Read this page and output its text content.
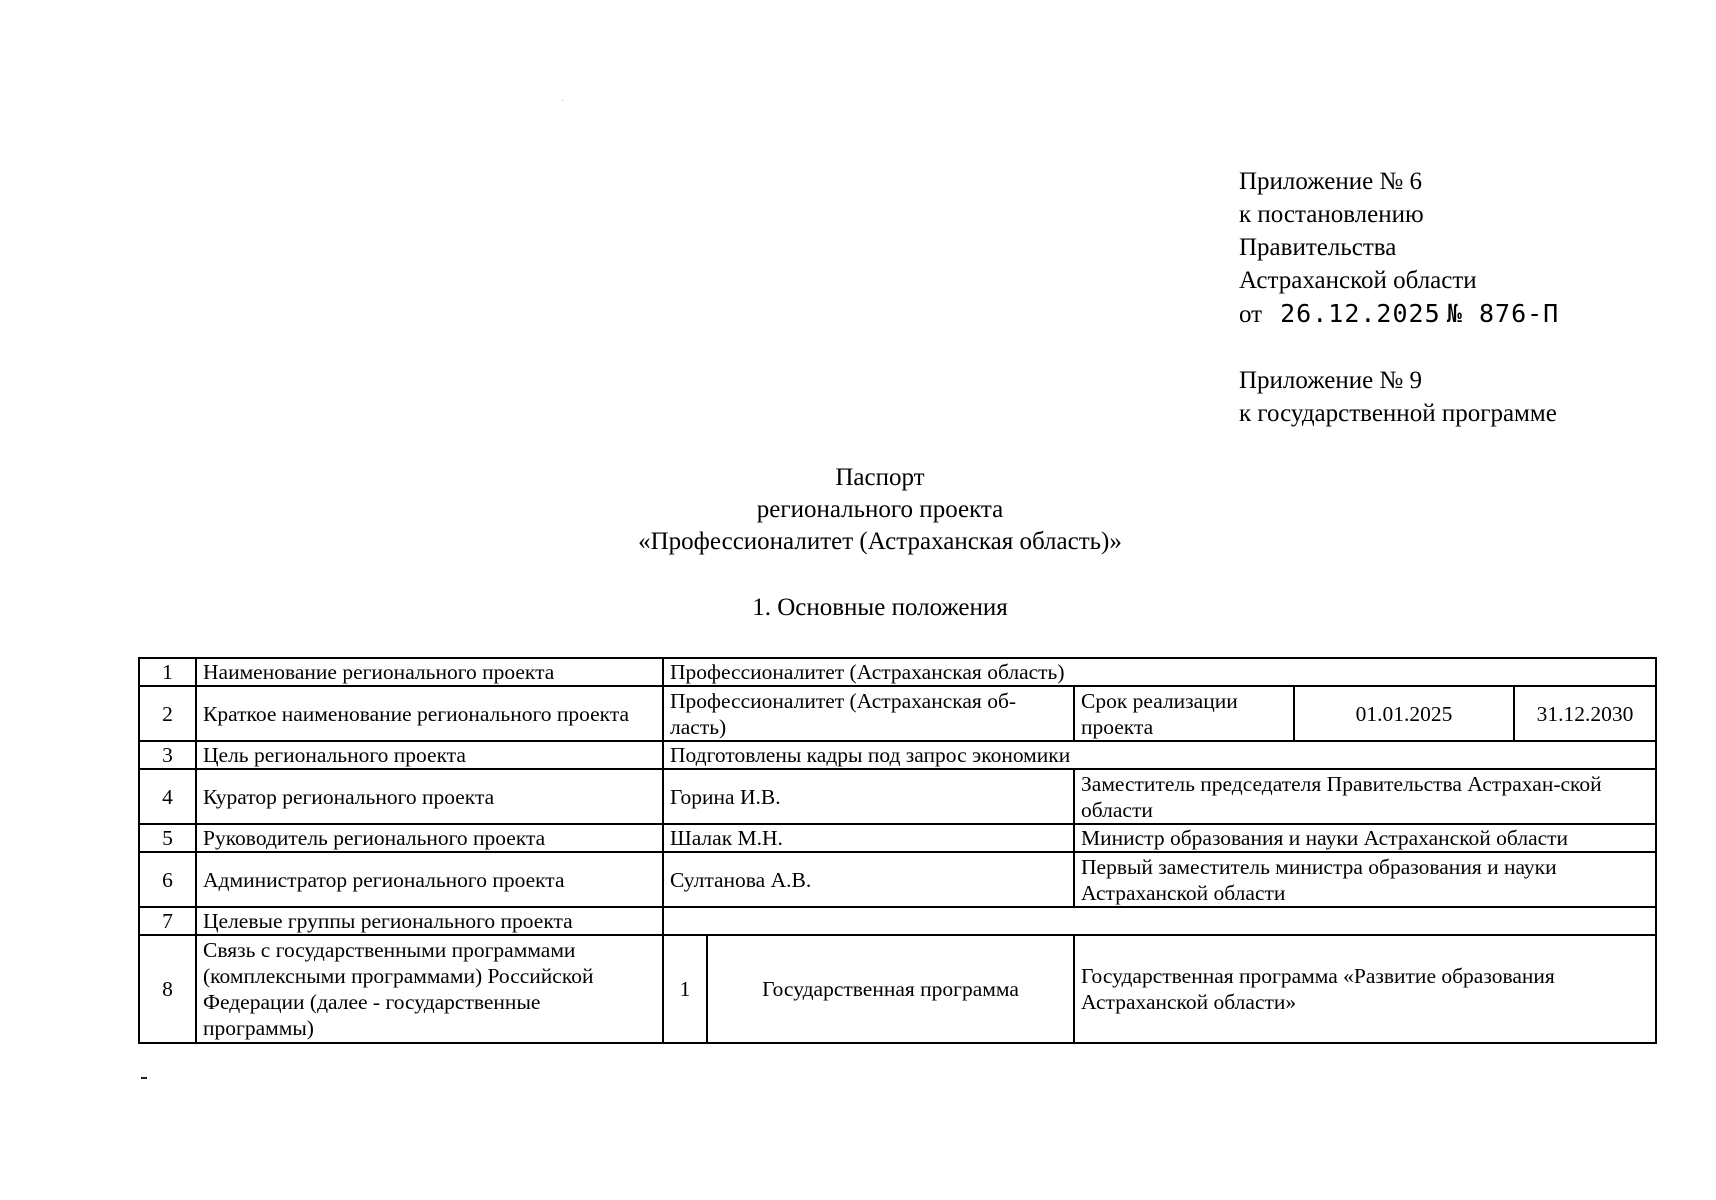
Приложение № 6
к постановлению
Правительства
Астраханской области
от 26.12.2025 № 876-П
Приложение № 9
к государственной программе
Паспорт
регионального проекта
«Профессионалитет (Астраханская область)»
1. Основные положения
1	Наименование регионального проекта	Профессионалитет (Астраханская область)				
2	Краткое наименование регионального проекта	Профессионалитет (Астраханская об-ласть)		Срок реализации проекта	01.01.2025	31.12.2030
3	Цель регионального проекта	Подготовлены кадры под запрос экономики				
4	Куратор регионального проекта	Горина И.В.		Заместитель председателя Правительства Астрахан-ской области		
5	Руководитель регионального проекта	Шалак М.Н.		Министр образования и науки Астраханской области		
6	Администратор регионального проекта	Султанова А.В.		Первый заместитель министра образования и науки Астраханской области		
7	Целевые группы регионального проекта					
8	Связь с государственными программами (комплексными программами) Российской Федерации (далее - государственные программы)	1	Государственная программа	Государственная программа «Развитие образования Астраханской области»		
